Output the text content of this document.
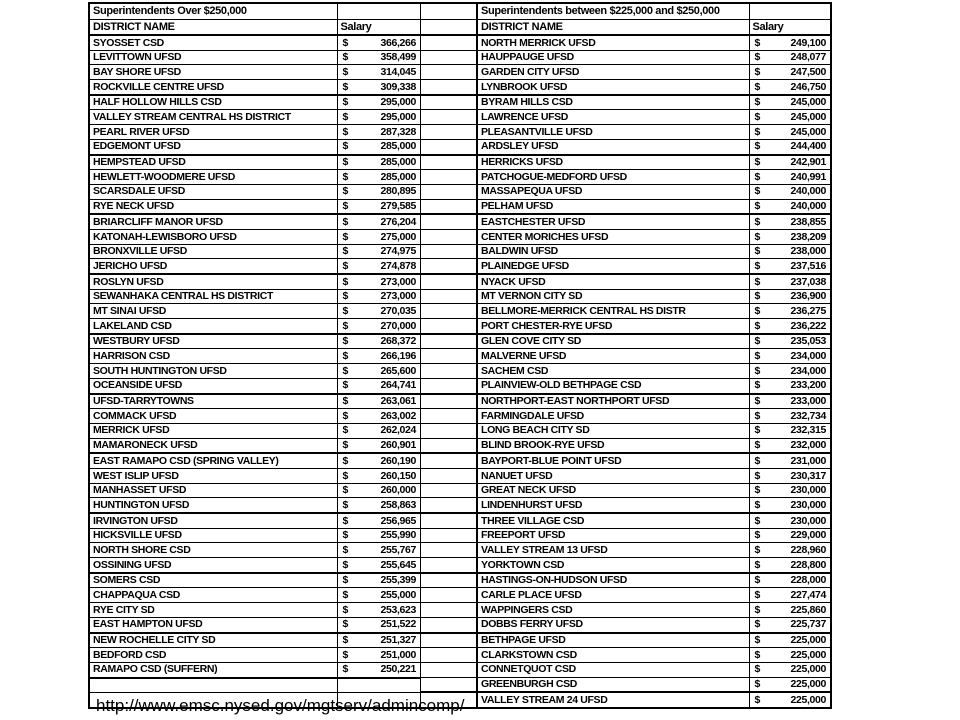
Superintendents Over $250,000	
DISTRICT NAME	Salary
SYOSSET CSD	$ 366,266

LEVITTOWN UFSD	$ 358,499

BAY SHORE UFSD	$ 314,045

ROCKVILLE CENTRE UFSD	$ 309,338

HALF HOLLOW HILLS CSD	$ 295,000

VALLEY STREAM CENTRAL HS DISTRICT	$ 295,000

PEARL RIVER UFSD	$ 287,328

EDGEMONT UFSD	$ 285,000

HEMPSTEAD UFSD	$ 285,000

HEWLETT-WOODMERE UFSD	$ 285,000

SCARSDALE UFSD	$ 280,895

RYE NECK UFSD	$ 279,585

BRIARCLIFF MANOR UFSD	$ 276,204

KATONAH-LEWISBORO UFSD	$ 275,000

BRONXVILLE UFSD	$ 274,975

JERICHO UFSD	$ 274,878

ROSLYN UFSD	$ 273,000

SEWANHAKA CENTRAL HS DISTRICT	$ 273,000

MT SINAI UFSD	$ 270,035

LAKELAND CSD	$ 270,000

WESTBURY UFSD	$ 268,372

HARRISON CSD	$ 266,196

SOUTH HUNTINGTON UFSD	$ 265,600

OCEANSIDE UFSD	$ 264,741

UFSD-TARRYTOWNS	$ 263,061

COMMACK UFSD	$ 263,002

MERRICK UFSD	$ 262,024

MAMARONECK UFSD	$ 260,901

EAST RAMAPO CSD (SPRING VALLEY)	$ 260,190

WEST ISLIP UFSD	$ 260,150

MANHASSET UFSD	$ 260,000

HUNTINGTON UFSD	$ 258,863

IRVINGTON UFSD	$ 256,965

HICKSVILLE UFSD	$ 255,990

NORTH SHORE CSD	$ 255,767

OSSINING UFSD	$ 255,645

SOMERS CSD	$ 255,399

CHAPPAQUA CSD	$ 255,000

RYE CITY SD	$ 253,623

EAST HAMPTON UFSD	$ 251,522

NEW ROCHELLE CITY SD	$ 251,327

BEDFORD CSD	$ 251,000

RAMAPO CSD (SUFFERN)	$ 250,221

Superintendents between $225,000 and $250,000	
DISTRICT NAME	Salary
NORTH MERRICK UFSD	$ 249,100

HAUPPAUGE UFSD	$ 248,077

GARDEN CITY UFSD	$ 247,500

LYNBROOK UFSD	$ 246,750

BYRAM HILLS CSD	$ 245,000

LAWRENCE UFSD	$ 245,000

PLEASANTVILLE UFSD	$ 245,000

ARDSLEY UFSD	$ 244,400

HERRICKS UFSD	$ 242,901

PATCHOGUE-MEDFORD UFSD	$ 240,991

MASSAPEQUA UFSD	$ 240,000

PELHAM UFSD	$ 240,000

EASTCHESTER UFSD	$ 238,855

CENTER MORICHES UFSD	$ 238,209

BALDWIN UFSD	$ 238,000

PLAINEDGE UFSD	$ 237,516

NYACK UFSD	$ 237,038

MT VERNON CITY SD	$ 236,900

BELLMORE-MERRICK CENTRAL HS DISTR	$ 236,275

PORT CHESTER-RYE UFSD	$ 236,222

GLEN COVE CITY SD	$ 235,053

MALVERNE UFSD	$ 234,000

SACHEM CSD	$ 234,000

PLAINVIEW-OLD BETHPAGE CSD	$ 233,200

NORTHPORT-EAST NORTHPORT UFSD	$ 233,000

FARMINGDALE UFSD	$ 232,734

LONG BEACH CITY SD	$ 232,315

BLIND BROOK-RYE UFSD	$ 232,000

BAYPORT-BLUE POINT UFSD	$ 231,000

NANUET UFSD	$ 230,317

GREAT NECK UFSD	$ 230,000

LINDENHURST UFSD	$ 230,000

THREE VILLAGE CSD	$ 230,000

FREEPORT UFSD	$ 229,000

VALLEY STREAM 13 UFSD	$ 228,960

YORKTOWN CSD	$ 228,800

HASTINGS-ON-HUDSON UFSD	$ 228,000

CARLE PLACE UFSD	$ 227,474

WAPPINGERS CSD	$ 225,860

DOBBS FERRY UFSD	$ 225,737

BETHPAGE UFSD	$ 225,000

CLARKSTOWN CSD	$ 225,000

CONNETQUOT CSD	$ 225,000

GREENBURGH CSD	$ 225,000

VALLEY STREAM 24 UFSD	$ 225,000
http://www.emsc.nysed.gov/mgtserv/admincomp/
